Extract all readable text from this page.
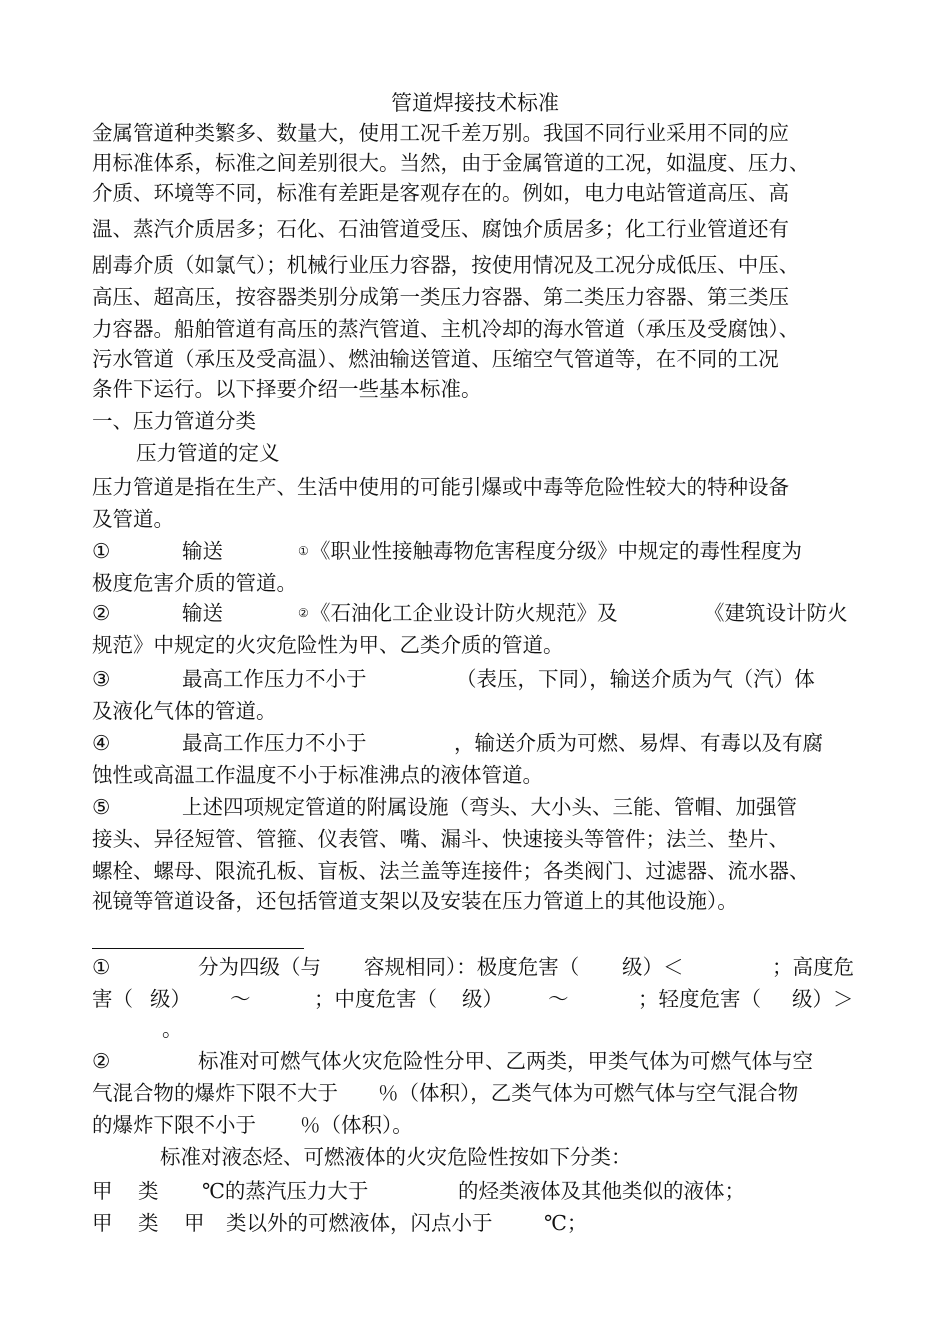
管道焊接技术标准
金属管道种类繁多、数量大，使用工况千差万别。我国不同行业采用不同的应
用标准体系，标准之间差别很大。当然，由于金属管道的工况，如温度、压力、
介质、环境等不同，标准有差距是客观存在的。例如，电力电站管道高压、高
温、蒸汽介质居多；石化、石油管道受压、腐蚀介质居多；化工行业管道还有
剧毒介质（如氯气）；机械行业压力容器，按使用情况及工况分成低压、中压、
高压、超高压，按容器类别分成第一类压力容器、第二类压力容器、第三类压
力容器。船舶管道有高压的蒸汽管道、主机冷却的海水管道（承压及受腐蚀）、
污水管道（承压及受高温）、燃油输送管道、压缩空气管道等，在不同的工况
条件下运行。以下择要介绍一些基本标准。
一、压力管道分类
压力管道的定义
压力管道是指在生产、生活中使用的可能引爆或中毒等危险性较大的特种设备
及管道。
①	输送	① 《职业性接触毒物危害程度分级》中规定的毒性程度为
极度危害介质的管道。
②	输送	② 《石油化工企业设计防火规范》及	《建筑设计防火
规范》中规定的火灾危险性为甲、乙类介质的管道。
③	最高工作压力不小于	（表压，下同），输送介质为气（汽）体
及液化气体的管道。
④	最高工作压力不小于	，输送介质为可燃、易焊、有毒以及有腐
蚀性或高温工作温度不小于标准沸点的液体管道。
⑤	上述四项规定管道的附属设施（弯头、大小头、三能、管帽、加强管
接头、异径短管、管箍、仪表管、嘴、漏斗、快速接头等管件；法兰、垫片、
螺栓、螺母、限流孔板、盲板、法兰盖等连接件；各类阀门、过滤器、流水器、
视镜等管道设备，还包括管道支架以及安装在压力管道上的其他设施）。
①	分为四级（与 容规相同）：极度危害（ 级）＜	；高度危
害（ 级） ～	；中度危害（ 级） ～	；轻度危害（ 级）＞
。
②	标准对可燃气体火灾危险性分甲、乙两类，甲类气体为可燃气体与空
气混合物的爆炸下限不大于 ％（体积），乙类气体为可燃气体与空气混合物
的爆炸下限不小于 ％（体积）。
标准对液态烃、可燃液体的火灾危险性按如下分类：
甲 类 ℃的蒸汽压力大于	的烃类液体及其他类似的液体；
甲 类 甲 类以外的可燃液体，闪点小于	℃；
